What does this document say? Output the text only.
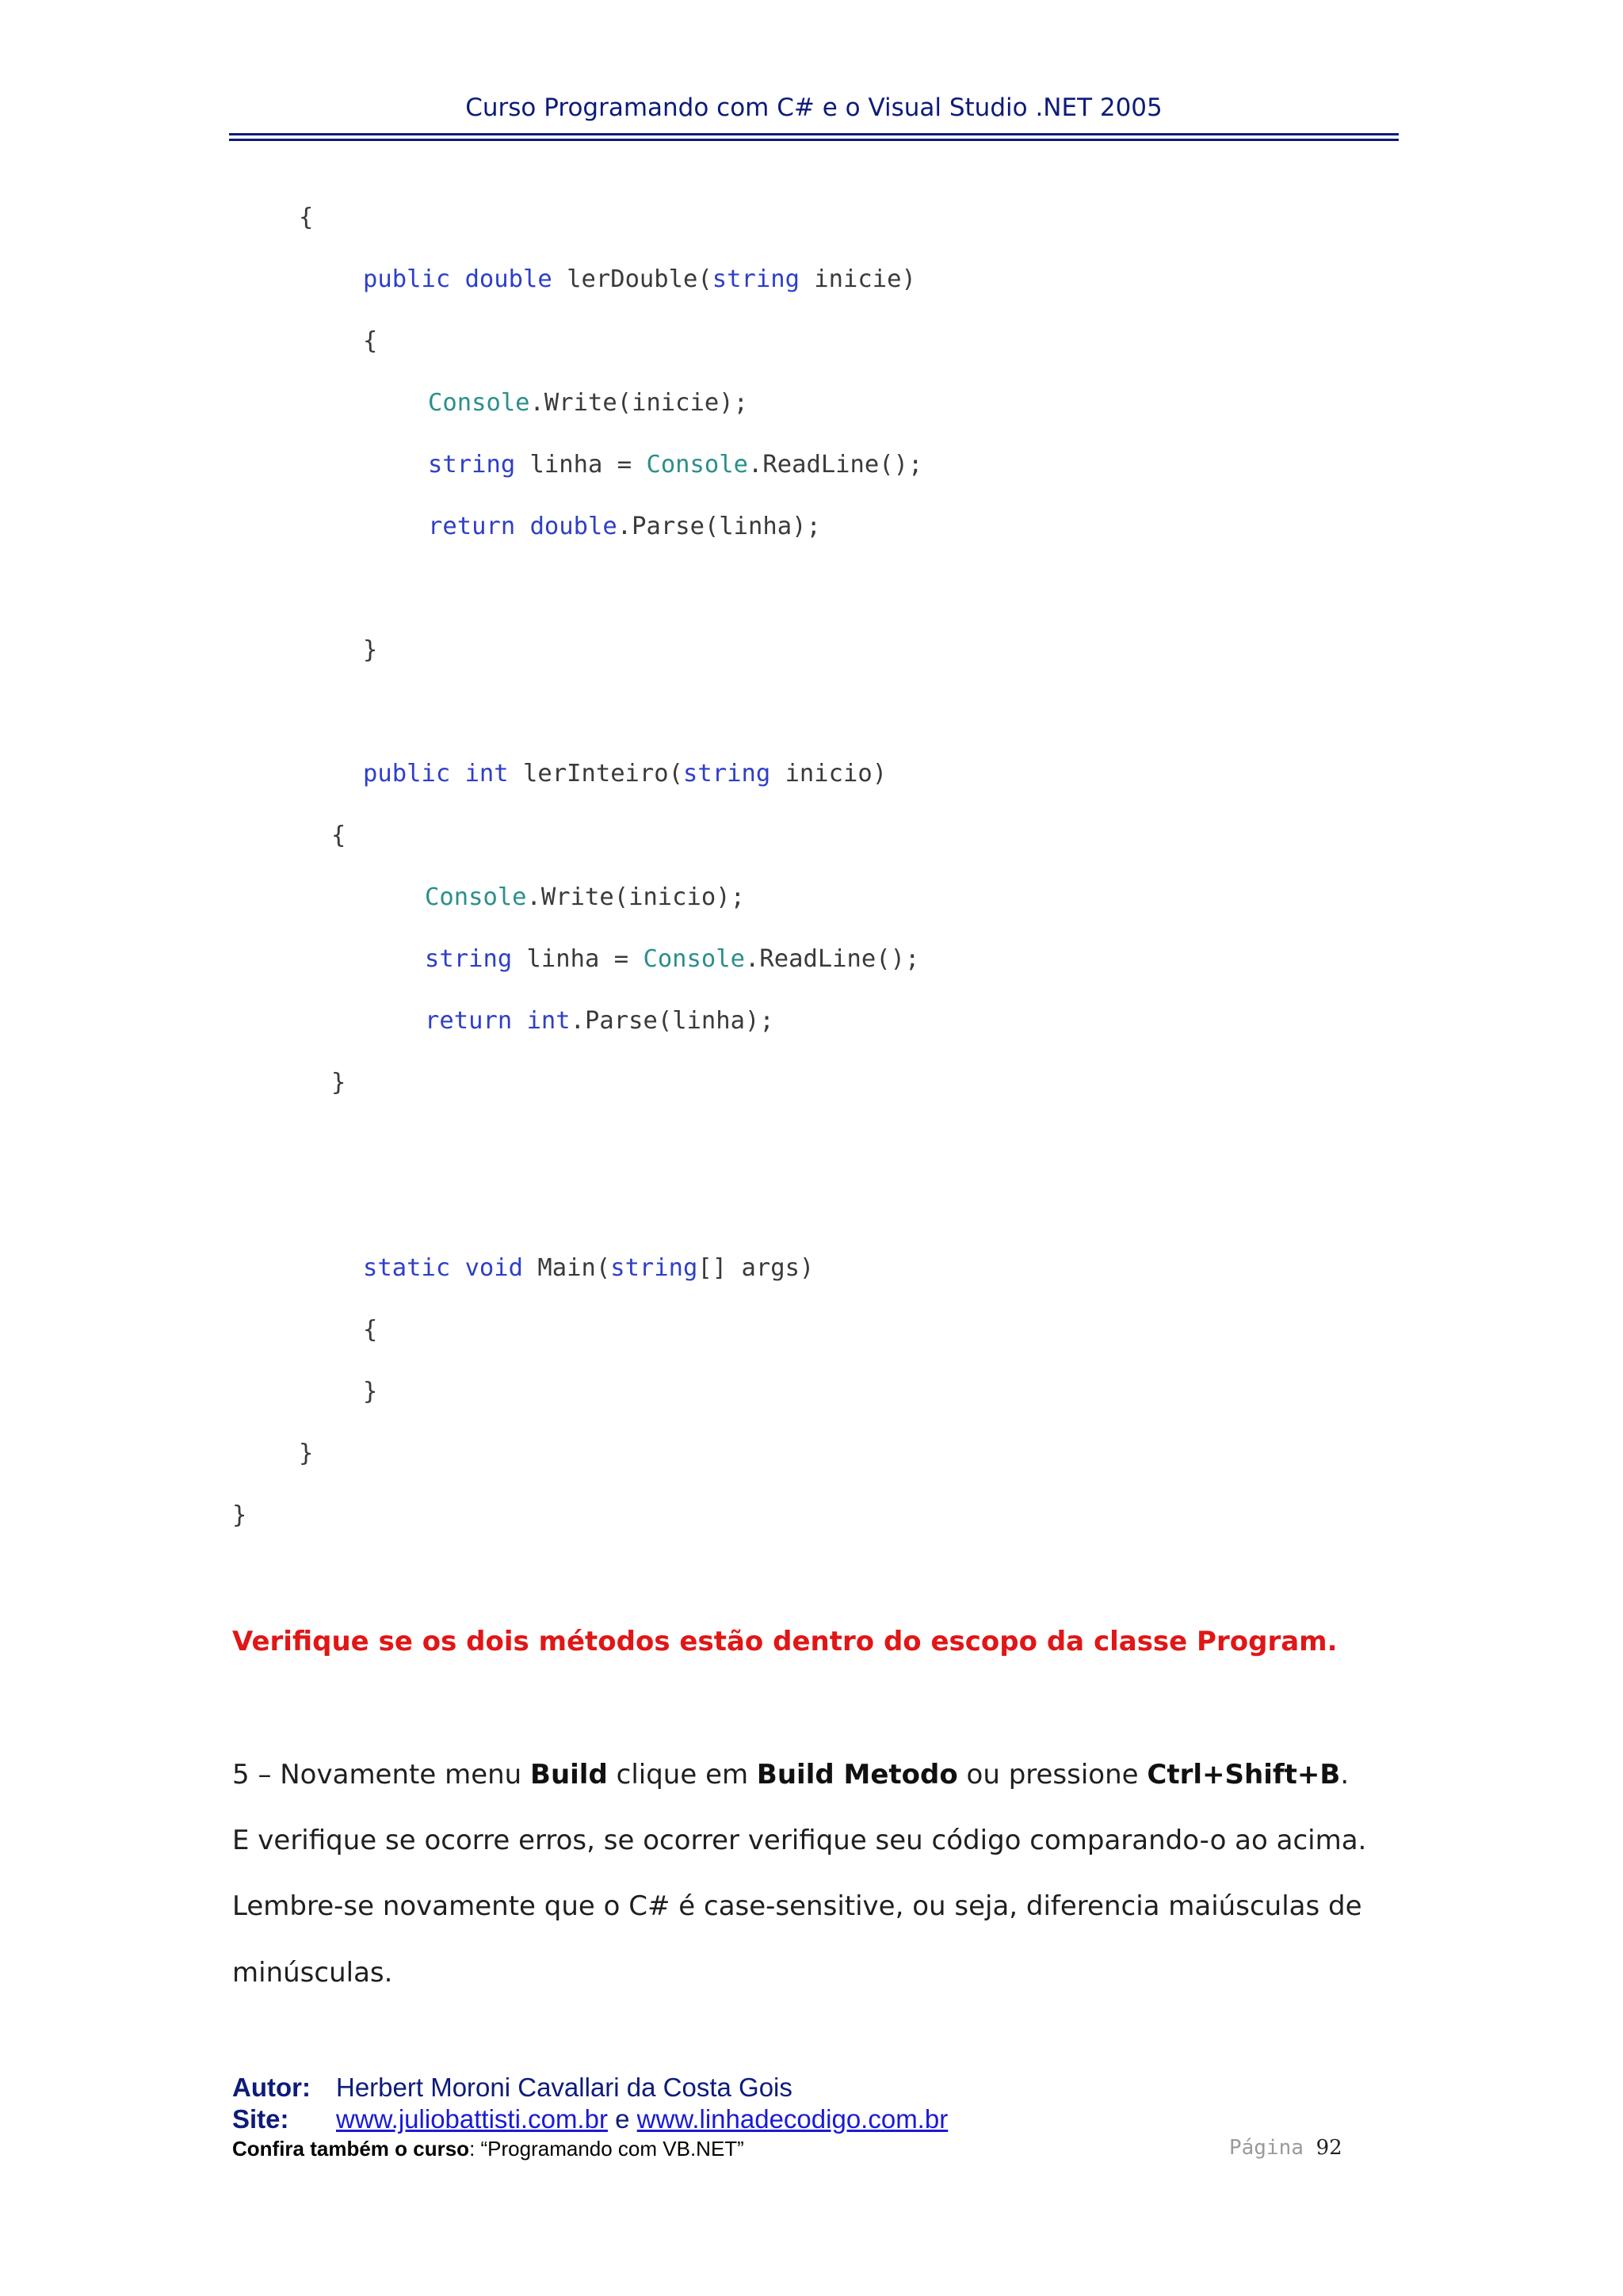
Curso Programando com C# e o Visual Studio .NET 2005
{
public double lerDouble(string inicie)
{
Console.Write(inicie);
string linha = Console.ReadLine();
return double.Parse(linha);
}
public int lerInteiro(string inicio)
{
Console.Write(inicio);
string linha = Console.ReadLine();
return int.Parse(linha);
}
static void Main(string[] args)
{
}
}
}
Verifique se os dois métodos estão dentro do escopo da classe Program.
5 – Novamente menu Build clique em Build Metodo ou pressione Ctrl+Shift+B.
E verifique se ocorre erros, se ocorrer verifique seu código comparando-o ao acima.
Lembre-se novamente que o C# é case-sensitive, ou seja, diferencia maiúsculas de
minúsculas.
Autor: Herbert Moroni Cavallari da Costa Gois
Site: www.juliobattisti.com.br e www.linhadecodigo.com.br
Confira também o curso: “Programando com VB.NET”	Página 92
